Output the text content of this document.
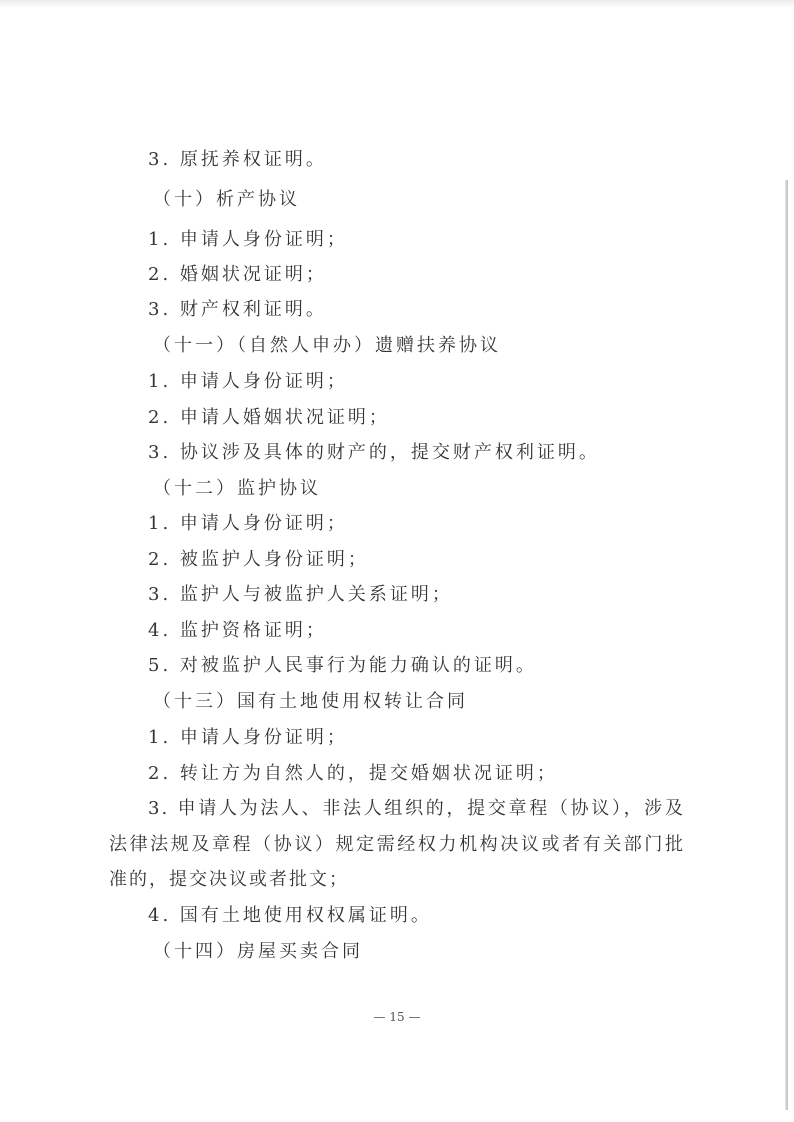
3. 原抚养权证明。
（十）析产协议
1. 申请人身份证明；
2. 婚姻状况证明；
3. 财产权利证明。
（十一）（自然人申办）遗赠扶养协议
1. 申请人身份证明；
2. 申请人婚姻状况证明；
3. 协议涉及具体的财产的，提交财产权利证明。
（十二）监护协议
1. 申请人身份证明；
2. 被监护人身份证明；
3. 监护人与被监护人关系证明；
4. 监护资格证明；
5. 对被监护人民事行为能力确认的证明。
（十三）国有土地使用权转让合同
1. 申请人身份证明；
2. 转让方为自然人的，提交婚姻状况证明；
3. 申请人为法人、非法人组织的，提交章程（协议），涉及
法律法规及章程（协议）规定需经权力机构决议或者有关部门批
准的，提交决议或者批文；
4. 国有土地使用权权属证明。
（十四）房屋买卖合同
— 15 —
